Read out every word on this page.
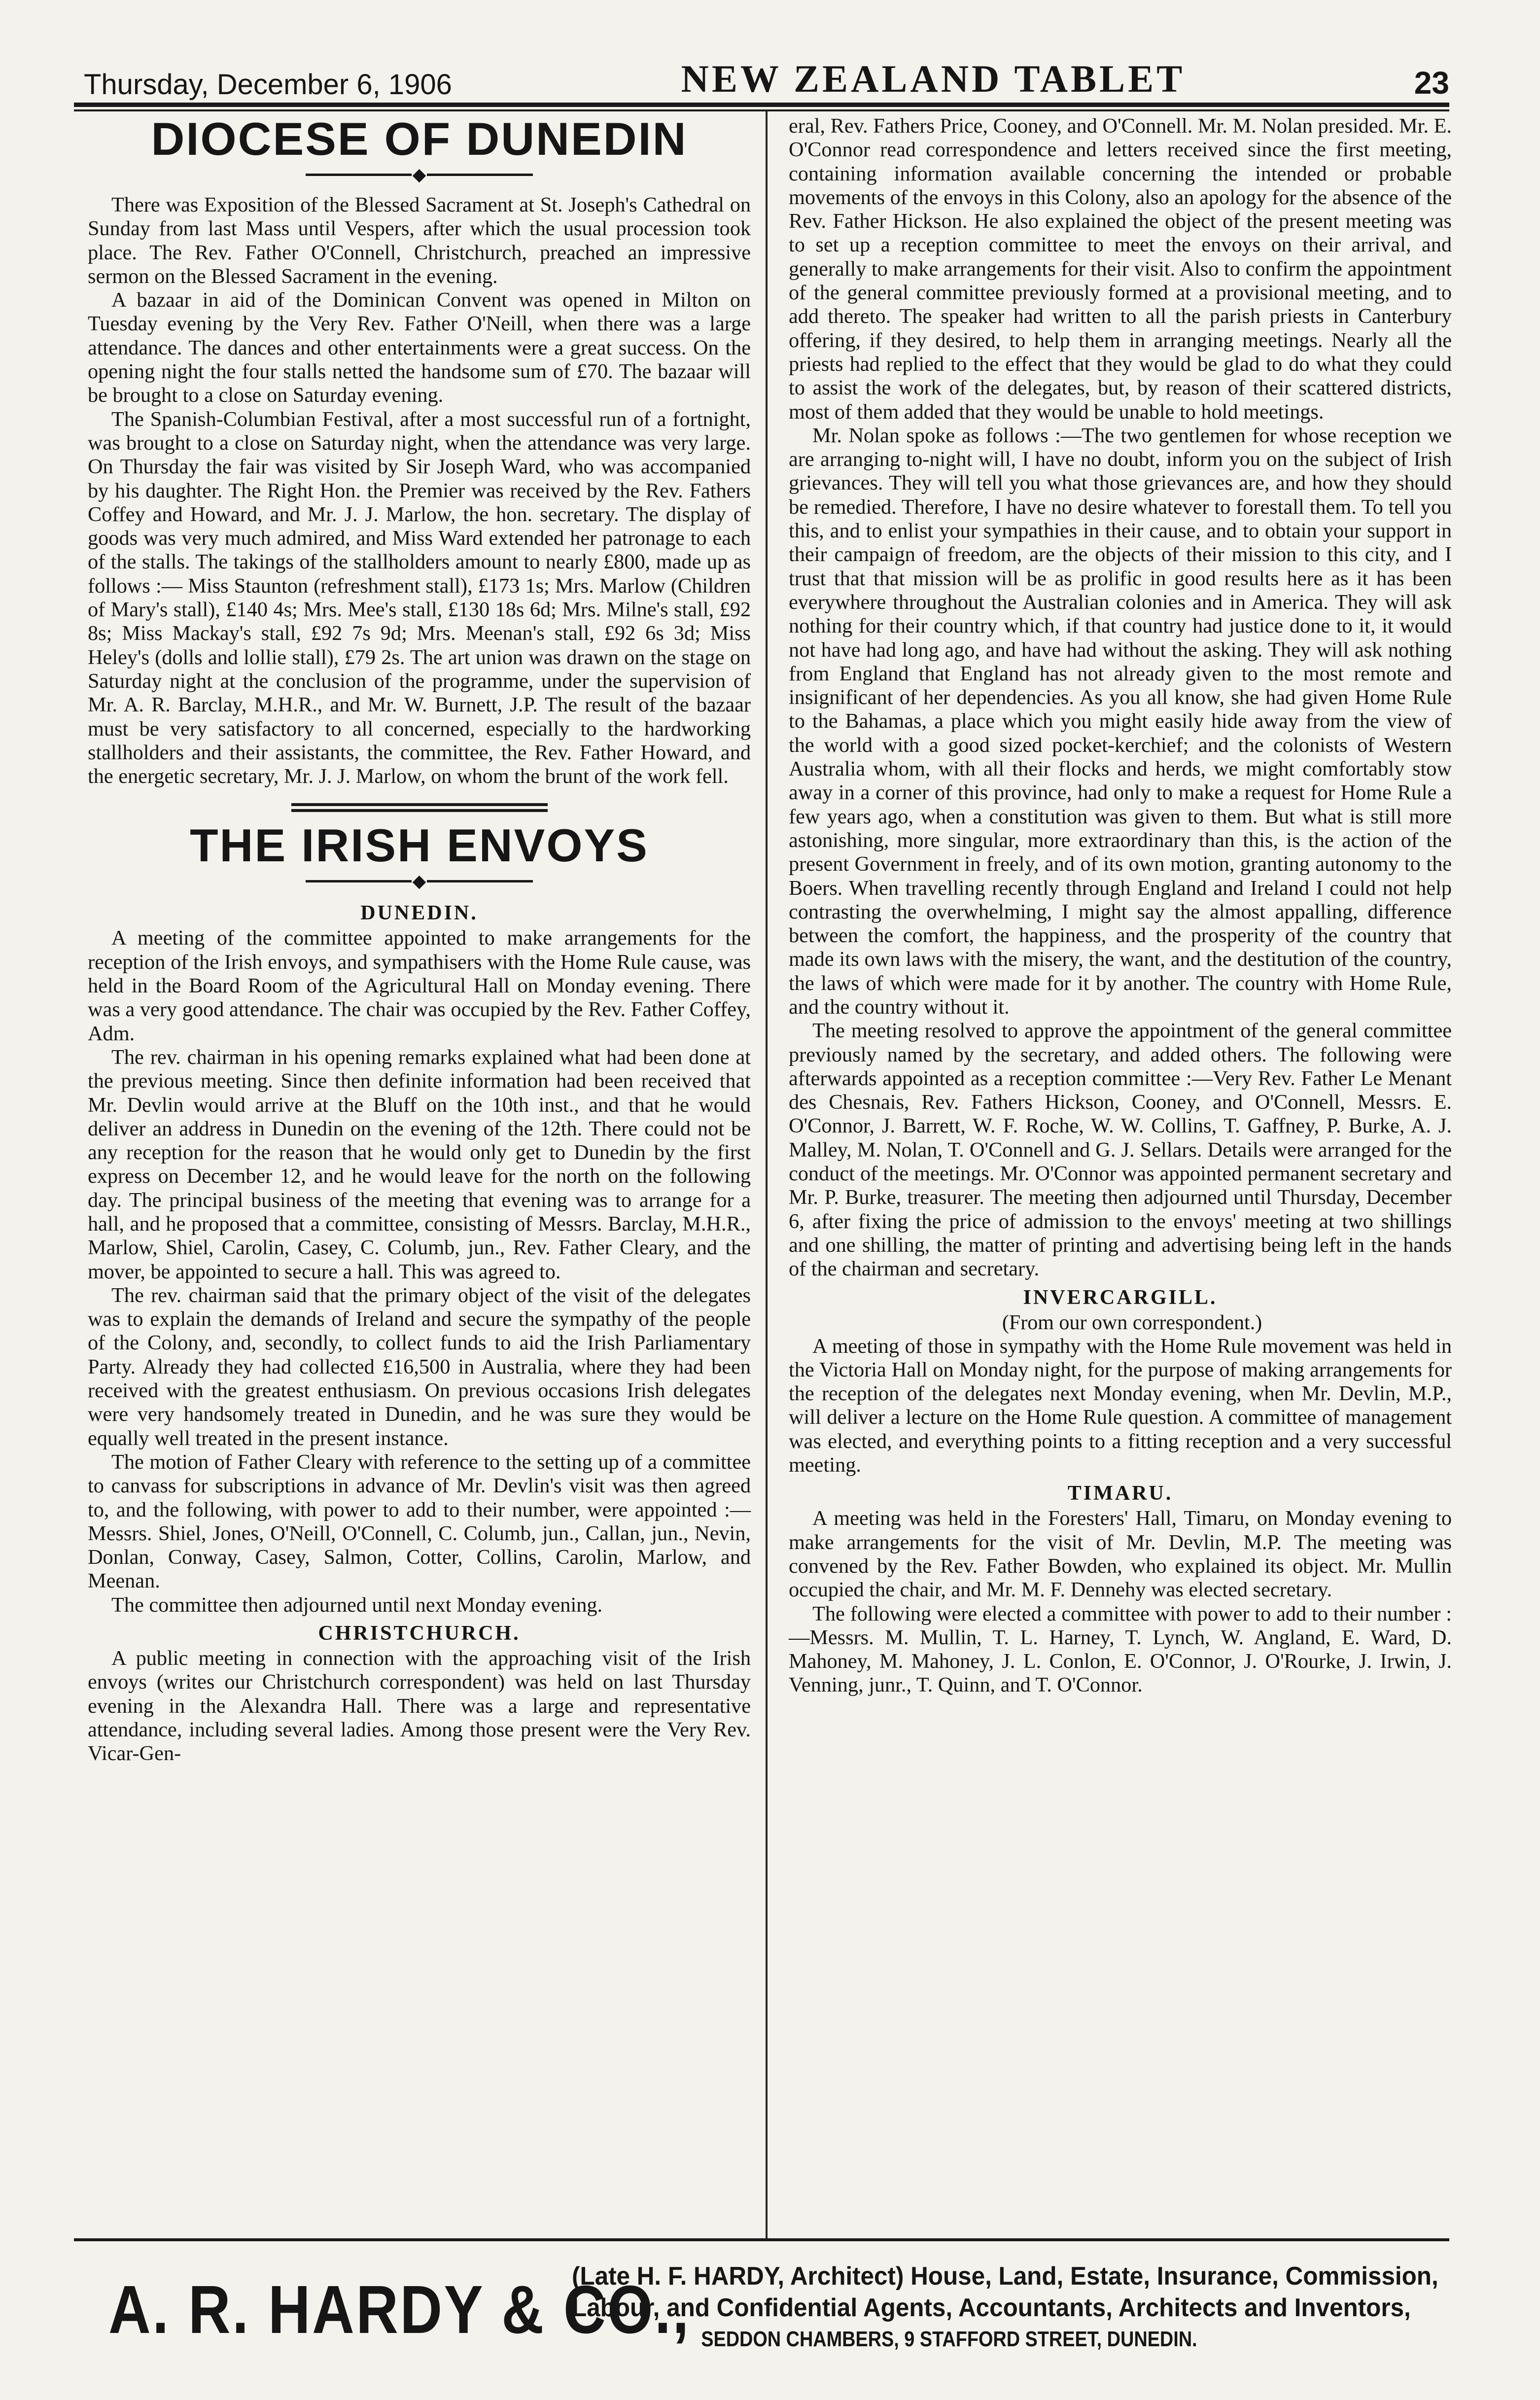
Thursday, December 6, 1906	NEW ZEALAND TABLET	23
DIOCESE OF DUNEDIN
◆

There was Exposition of the Blessed Sacrament at St. Joseph's Cathedral on Sunday from last Mass until Vespers, after which the usual procession took place. The Rev. Father O'Connell, Christchurch, preached an impressive sermon on the Blessed Sacrament in the evening.

A bazaar in aid of the Dominican Convent was opened in Milton on Tuesday evening by the Very Rev. Father O'Neill, when there was a large attendance. The dances and other entertainments were a great success. On the opening night the four stalls netted the handsome sum of £70. The bazaar will be brought to a close on Saturday evening.

The Spanish-Columbian Festival, after a most successful run of a fortnight, was brought to a close on Saturday night, when the attendance was very large. On Thursday the fair was visited by Sir Joseph Ward, who was accompanied by his daughter. The Right Hon. the Premier was received by the Rev. Fathers Coffey and Howard, and Mr. J. J. Marlow, the hon. secretary. The display of goods was very much admired, and Miss Ward extended her patronage to each of the stalls. The takings of the stallholders amount to nearly £800, made up as follows :— Miss Staunton (refreshment stall), £173 1s; Mrs. Marlow (Children of Mary's stall), £140 4s; Mrs. Mee's stall, £130 18s 6d; Mrs. Milne's stall, £92 8s; Miss Mackay's stall, £92 7s 9d; Mrs. Meenan's stall, £92 6s 3d; Miss Heley's (dolls and lollie stall), £79 2s. The art union was drawn on the stage on Saturday night at the conclusion of the programme, under the supervision of Mr. A. R. Barclay, M.H.R., and Mr. W. Burnett, J.P. The result of the bazaar must be very satisfactory to all concerned, especially to the hardworking stallholders and their assistants, the committee, the Rev. Father Howard, and the energetic secretary, Mr. J. J. Marlow, on whom the brunt of the work fell.

THE IRISH ENVOYS
◆
DUNEDIN.

A meeting of the committee appointed to make arrangements for the reception of the Irish envoys, and sympathisers with the Home Rule cause, was held in the Board Room of the Agricultural Hall on Monday evening. There was a very good attendance. The chair was occupied by the Rev. Father Coffey, Adm.

The rev. chairman in his opening remarks explained what had been done at the previous meeting. Since then definite information had been received that Mr. Devlin would arrive at the Bluff on the 10th inst., and that he would deliver an address in Dunedin on the evening of the 12th. There could not be any reception for the reason that he would only get to Dunedin by the first express on December 12, and he would leave for the north on the following day. The principal business of the meeting that evening was to arrange for a hall, and he proposed that a committee, consisting of Messrs. Barclay, M.H.R., Marlow, Shiel, Carolin, Casey, C. Columb, jun., Rev. Father Cleary, and the mover, be appointed to secure a hall. This was agreed to.

The rev. chairman said that the primary object of the visit of the delegates was to explain the demands of Ireland and secure the sympathy of the people of the Colony, and, secondly, to collect funds to aid the Irish Parliamentary Party. Already they had collected £16,500 in Australia, where they had been received with the greatest enthusiasm. On previous occasions Irish delegates were very handsomely treated in Dunedin, and he was sure they would be equally well treated in the present instance.

The motion of Father Cleary with reference to the setting up of a committee to canvass for subscriptions in advance of Mr. Devlin's visit was then agreed to, and the following, with power to add to their number, were appointed :—Messrs. Shiel, Jones, O'Neill, O'Connell, C. Columb, jun., Callan, jun., Nevin, Donlan, Conway, Casey, Salmon, Cotter, Collins, Carolin, Marlow, and Meenan.

The committee then adjourned until next Monday evening.

CHRISTCHURCH.

A public meeting in connection with the approaching visit of the Irish envoys (writes our Christchurch correspondent) was held on last Thursday evening in the Alexandra Hall. There was a large and representative attendance, including several ladies. Among those present were the Very Rev. Vicar-Gen-

eral, Rev. Fathers Price, Cooney, and O'Connell. Mr. M. Nolan presided. Mr. E. O'Connor read correspondence and letters received since the first meeting, containing information available concerning the intended or probable movements of the envoys in this Colony, also an apology for the absence of the Rev. Father Hickson. He also explained the object of the present meeting was to set up a reception committee to meet the envoys on their arrival, and generally to make arrangements for their visit. Also to confirm the appointment of the general committee previously formed at a provisional meeting, and to add thereto. The speaker had written to all the parish priests in Canterbury offering, if they desired, to help them in arranging meetings. Nearly all the priests had replied to the effect that they would be glad to do what they could to assist the work of the delegates, but, by reason of their scattered districts, most of them added that they would be unable to hold meetings.

Mr. Nolan spoke as follows :—The two gentlemen for whose reception we are arranging to-night will, I have no doubt, inform you on the subject of Irish grievances. They will tell you what those grievances are, and how they should be remedied. Therefore, I have no desire whatever to forestall them. To tell you this, and to enlist your sympathies in their cause, and to obtain your support in their campaign of freedom, are the objects of their mission to this city, and I trust that that mission will be as prolific in good results here as it has been everywhere throughout the Australian colonies and in America. They will ask nothing for their country which, if that country had justice done to it, it would not have had long ago, and have had without the asking. They will ask nothing from England that England has not already given to the most remote and insignificant of her dependencies. As you all know, she had given Home Rule to the Bahamas, a place which you might easily hide away from the view of the world with a good sized pocket-kerchief; and the colonists of Western Australia whom, with all their flocks and herds, we might comfortably stow away in a corner of this province, had only to make a request for Home Rule a few years ago, when a constitution was given to them. But what is still more astonishing, more singular, more extraordinary than this, is the action of the present Government in freely, and of its own motion, granting autonomy to the Boers. When travelling recently through England and Ireland I could not help contrasting the overwhelming, I might say the almost appalling, difference between the comfort, the happiness, and the prosperity of the country that made its own laws with the misery, the want, and the destitution of the country, the laws of which were made for it by another. The country with Home Rule, and the country without it.

The meeting resolved to approve the appointment of the general committee previously named by the secretary, and added others. The following were afterwards appointed as a reception committee :—Very Rev. Father Le Menant des Chesnais, Rev. Fathers Hickson, Cooney, and O'Connell, Messrs. E. O'Connor, J. Barrett, W. F. Roche, W. W. Collins, T. Gaffney, P. Burke, A. J. Malley, M. Nolan, T. O'Connell and G. J. Sellars. Details were arranged for the conduct of the meetings. Mr. O'Connor was appointed permanent secretary and Mr. P. Burke, treasurer. The meeting then adjourned until Thursday, December 6, after fixing the price of admission to the envoys' meeting at two shillings and one shilling, the matter of printing and advertising being left in the hands of the chairman and secretary.

INVERCARGILL.

(From our own correspondent.)

A meeting of those in sympathy with the Home Rule movement was held in the Victoria Hall on Monday night, for the purpose of making arrangements for the reception of the delegates next Monday evening, when Mr. Devlin, M.P., will deliver a lecture on the Home Rule question. A committee of management was elected, and everything points to a fitting reception and a very successful meeting.

TIMARU.

A meeting was held in the Foresters' Hall, Timaru, on Monday evening to make arrangements for the visit of Mr. Devlin, M.P. The meeting was convened by the Rev. Father Bowden, who explained its object. Mr. Mullin occupied the chair, and Mr. M. F. Dennehy was elected secretary.

The following were elected a committee with power to add to their number :—Messrs. M. Mullin, T. L. Harney, T. Lynch, W. Angland, E. Ward, D. Mahoney, M. Mahoney, J. L. Conlon, E. O'Connor, J. O'Rourke, J. Irwin, J. Venning, junr., T. Quinn, and T. O'Connor.

A. R. HARDY & CO.,
(Late H. F. HARDY, Architect) House, Land, Estate, Insurance, Commission,
Labour, and Confidential Agents, Accountants, Architects and Inventors,
SEDDON CHAMBERS, 9 STAFFORD STREET, DUNEDIN.
